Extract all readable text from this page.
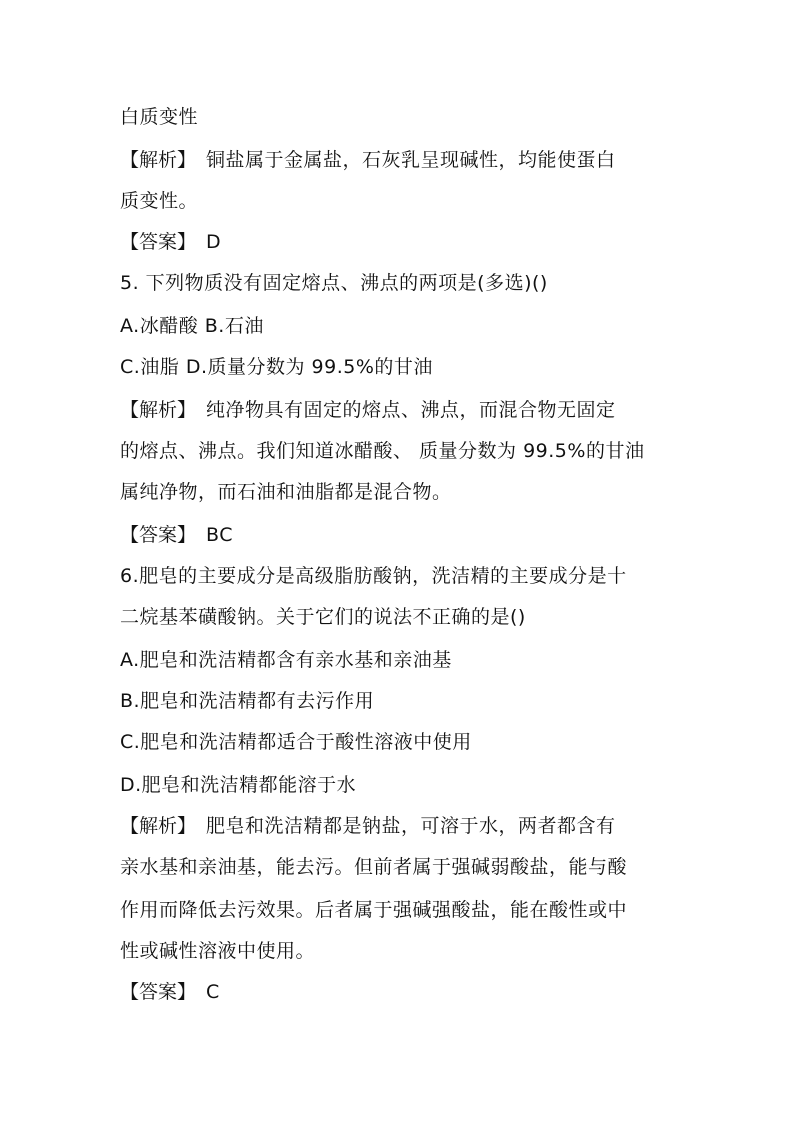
白质变性
【解析】 铜盐属于金属盐，石灰乳呈现碱性，均能使蛋白
质变性。
【答案】 D
5. 下列物质没有固定熔点、沸点的两项是(多选)()
A.冰醋酸 B.石油
C.油脂 D.质量分数为 99.5%的甘油
【解析】 纯净物具有固定的熔点、沸点，而混合物无固定
的熔点、沸点。我们知道冰醋酸、 质量分数为 99.5%的甘油
属纯净物，而石油和油脂都是混合物。
【答案】 BC
6.肥皂的主要成分是高级脂肪酸钠，洗洁精的主要成分是十
二烷基苯磺酸钠。关于它们的说法不正确的是()
A.肥皂和洗洁精都含有亲水基和亲油基
B.肥皂和洗洁精都有去污作用
C.肥皂和洗洁精都适合于酸性溶液中使用
D.肥皂和洗洁精都能溶于水
【解析】 肥皂和洗洁精都是钠盐，可溶于水，两者都含有
亲水基和亲油基，能去污。但前者属于强碱弱酸盐，能与酸
作用而降低去污效果。后者属于强碱强酸盐，能在酸性或中
性或碱性溶液中使用。
【答案】 C
